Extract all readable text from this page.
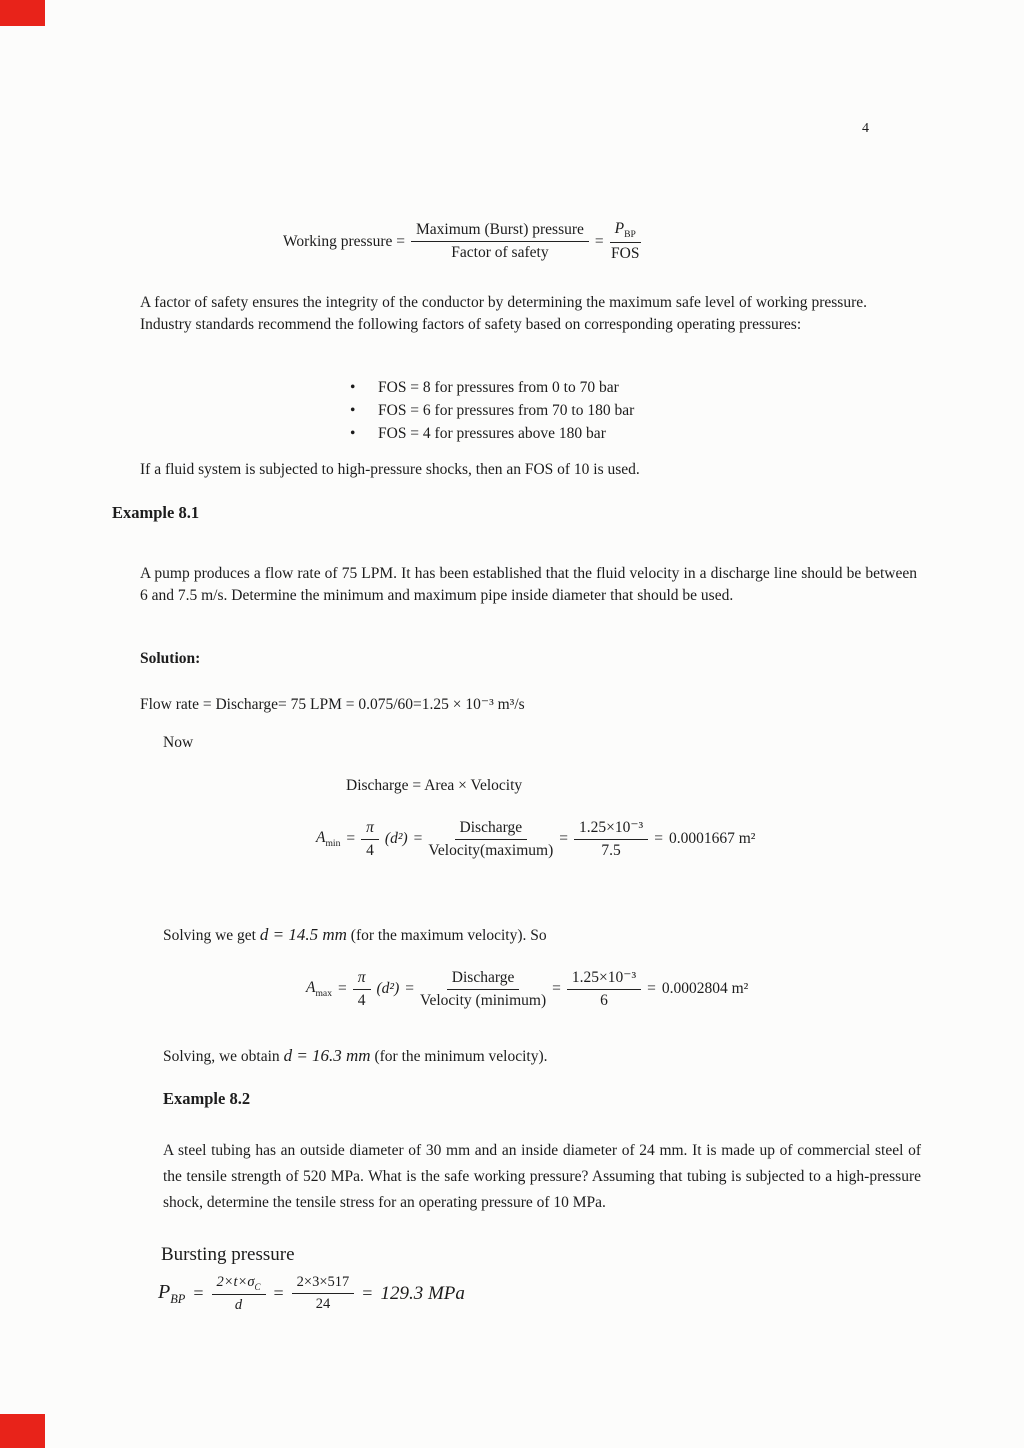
4
Working pressure = $\frac{\text{Maximum (Burst) pressure}}{\text{Factor of safety}} = \frac{P_{BP}}{\text{FOS}}$
A factor of safety ensures the integrity of the conductor by determining the maximum safe level of working pressure. Industry standards recommend the following factors of safety based on corresponding operating pressures:
•	FOS = 8 for pressures from 0 to 70 bar
•	FOS = 6 for pressures from 70 to 180 bar
•	FOS = 4 for pressures above 180 bar
If a fluid system is subjected to high-pressure shocks, then an FOS of 10 is used.
Example 8.1
A pump produces a flow rate of 75 LPM. It has been established that the fluid velocity in a discharge line should be between 6 and 7.5 m/s. Determine the minimum and maximum pipe inside diameter that should be used.
Solution:
Flow rate = Discharge= 75 LPM = 0.075/60=1.25 × 10⁻³ m³/s
Now
Discharge = Area × Velocity
$A_{min} = \frac{\pi}{4} (d^2) = \frac{\text{Discharge}}{\text{Velocity(maximum)}} = \frac{\text{1.25×10⁻³}}{7.5} = 0.0001667$ m²
Solving we get d = 14.5 mm (for the maximum velocity). So
$A_{max} = \frac{\pi}{4} (d^2) = \frac{\text{Discharge}}{\text{Velocity (minimum)}} = \frac{\text{1.25×10⁻³}}{6} = 0.0002804$ m²
Solving, we obtain d = 16.3 mm (for the minimum velocity).
Example 8.2
A steel tubing has an outside diameter of 30 mm and an inside diameter of 24 mm. It is made up of commercial steel of the tensile strength of 520 MPa. What is the safe working pressure? Assuming that tubing is subjected to a high-pressure shock, determine the tensile stress for an operating pressure of 10 MPa.
Bursting pressure
$P_{BP} = \frac{2\times t\times\sigma_C}{d} = \frac{2\times 3\times 517}{24} = 129.3$ MPa
